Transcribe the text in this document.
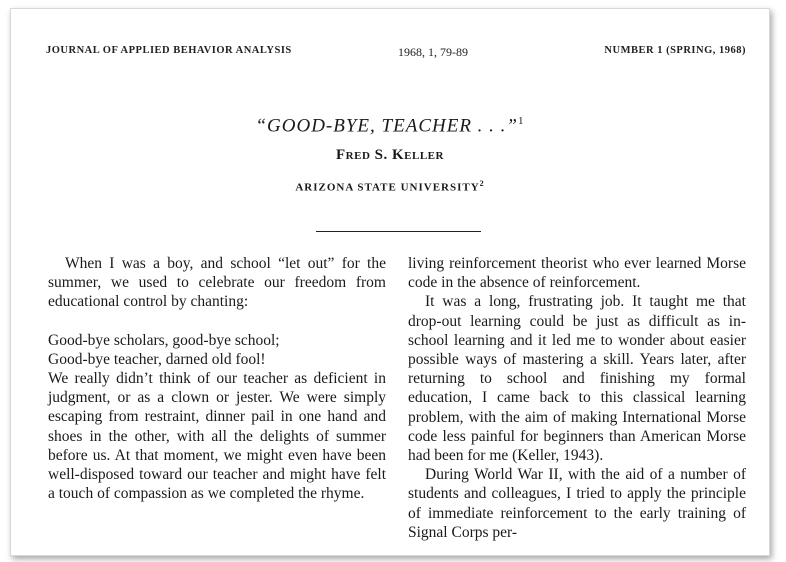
JOURNAL OF APPLIED BEHAVIOR ANALYSIS	1968, 1, 79-89	NUMBER 1 (SPRING, 1968)
“GOOD-BYE, TEACHER . . .”$^1$
Fred S. Keller
ARIZONA STATE UNIVERSITY$^2$

When I was a boy, and school “let out” for the summer, we used to celebrate our freedom from educational control by chanting:

Good-bye scholars, good-bye school;
Good-bye teacher, darned old fool!

We really didn’t think of our teacher as deficient in judgment, or as a clown or jester. We were simply escaping from restraint, dinner pail in one hand and shoes in the other, with all the delights of summer before us. At that moment, we might even have been well-disposed toward our teacher and might have felt a touch of compassion as we completed the rhyme.

living reinforcement theorist who ever learned Morse code in the absence of reinforcement.

It was a long, frustrating job. It taught me that drop-out learning could be just as difficult as in-school learning and it led me to wonder about easier possible ways of mastering a skill. Years later, after returning to school and finishing my formal education, I came back to this classical learning problem, with the aim of making International Morse code less painful for beginners than American Morse had been for me (Keller, 1943).

During World War II, with the aid of a number of students and colleagues, I tried to apply the principle of immediate reinforcement to the early training of Signal Corps per-
